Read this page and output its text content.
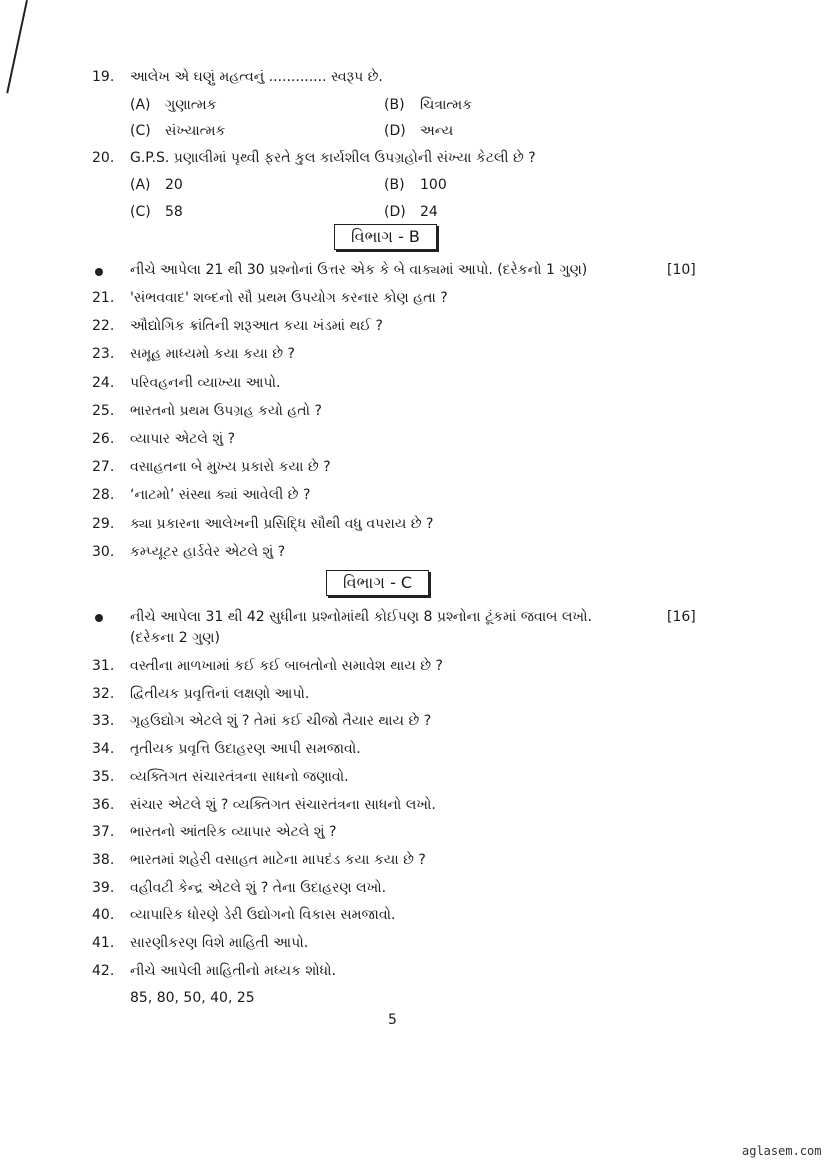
19. આલેખ એ ઘણું મહત્વનું ............. સ્વરૂપ છે.
(A) ગુણાત્મક	(B) ચિત્રાત્મક
(C) સંખ્યાત્મક	(D) અન્ય
20. G.P.S. પ્રણાલીમાં પૃથ્વી ફરતે કુલ કાર્યશીલ ઉપગ્રહોની સંખ્યા કેટલી છે ?
(A) 20	(B) 100
(C) 58	(D) 24
વિભાગ - B
નીચે આપેલા 21 થી 30 પ્રશ્નોનાં ઉત્તર એક કે બે વાક્યમાં આપો. (દરેકનો 1 ગુણ)	[10]
21. 'સંભવવાદ' શબ્દનો સૌ પ્રથમ ઉપયોગ કરનાર કોણ હતા ?
22. ઔદ્યોગિક ક્રાંતિની શરૂઆત કયા ખંડમાં થઈ ?
23. સમૂહ માધ્યમો કયા કયા છે ?
24. પરિવહનની વ્યાખ્યા આપો.
25. ભારતનો પ્રથમ ઉપગ્રહ કયો હતો ?
26. વ્યાપાર એટલે શું ?
27. વસાહતના બે મુખ્ય પ્રકારો કયા છે ?
28. ‘નાટમો’ સંસ્થા ક્યાં આવેલી છે ?
29. ક્યા પ્રકારના આલેખની પ્રસિદ્ધિ સૌથી વધુ વપરાય છે ?
30. કમ્પ્યૂટર હાર્ડવેર એટલે શું ?
વિભાગ - C
નીચે આપેલા 31 થી 42 સુધીના પ્રશ્નોમાંથી કોઈપણ 8 પ્રશ્નોના ટૂંકમાં જવાબ લખો.	[16]
(દરેકના 2 ગુણ)
31. વસ્તીના માળખામાં કઈ કઈ બાબતોનો સમાવેશ થાય છે ?
32. દ્વિતીયક પ્રવૃત્તિનાં લક્ષણો આપો.
33. ગૃહઉદ્યોગ એટલે શું ? તેમાં કઈ ચીજો તૈયાર થાય છે ?
34. તૃતીયક પ્રવૃત્તિ ઉદાહરણ આપી સમજાવો.
35. વ્યક્તિગત સંચારતંત્રના સાધનો જણાવો.
36. સંચાર એટલે શું ? વ્યક્તિગત સંચારતંત્રના સાધનો લખો.
37. ભારતનો આંતરિક વ્યાપાર એટલે શું ?
38. ભારતમાં શહેરી વસાહત માટેના માપદંડ કયા કયા છે ?
39. વહીવટી કેન્દ્ર એટલે શું ? તેના ઉદાહરણ લખો.
40. વ્યાપારિક ધોરણે ડેરી ઉદ્યોગનો વિકાસ સમજાવો.
41. સારણીકરણ વિશે માહિતી આપો.
42. નીચે આપેલી માહિતીનો મધ્યક શોધો.
85, 80, 50, 40, 25
5
aglasem.com
